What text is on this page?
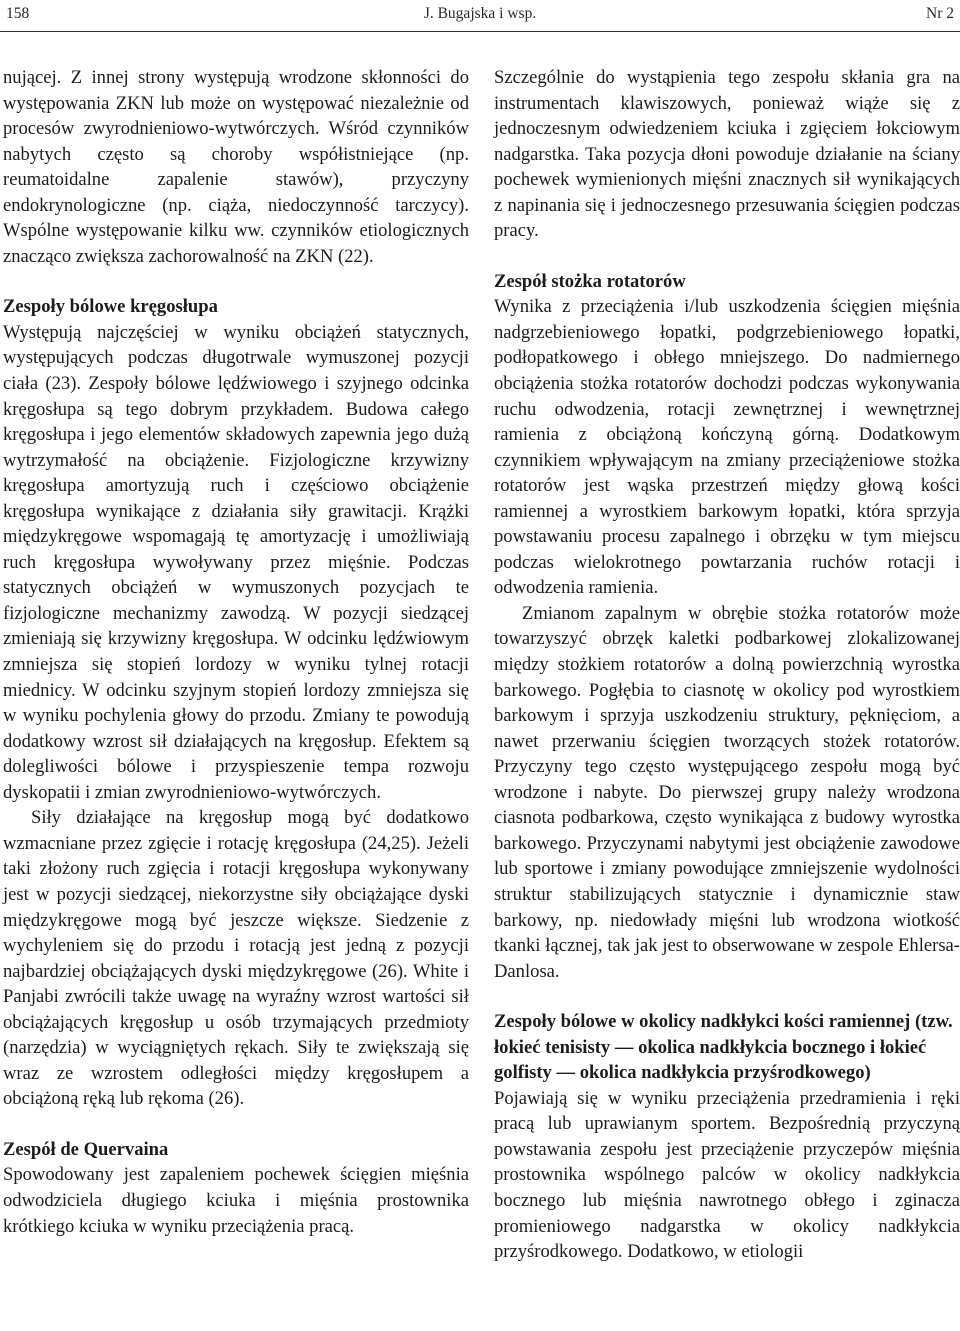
158	J. Bugajska i wsp.	Nr 2

nującej. Z innej strony występują wrodzone skłonności do występowania ZKN lub może on występować niezależnie od procesów zwyrodnieniowo-wytwórczych. Wśród czynników nabytych często są choroby współistniejące (np. reumatoidalne zapalenie stawów), przyczyny endokrynologiczne (np. ciąża, niedoczynność tarczycy). Wspólne występowanie kilku ww. czynników etiologicznych znacząco zwiększa zachorowalność na ZKN (22).

Zespoły bólowe kręgosłupa

Występują najczęściej w wyniku obciążeń statycznych, występujących podczas długotrwale wymuszonej pozycji ciała (23). Zespoły bólowe lędźwiowego i szyjnego odcinka kręgosłupa są tego dobrym przykładem. Budowa całego kręgosłupa i jego elementów składowych zapewnia jego dużą wytrzymałość na obciążenie. Fizjologiczne krzywizny kręgosłupa amortyzują ruch i częściowo obciążenie kręgosłupa wynikające z działania siły grawitacji. Krążki międzykręgowe wspomagają tę amortyzację i umożliwiają ruch kręgosłupa wywoływany przez mięśnie. Podczas statycznych obciążeń w wymuszonych pozycjach te fizjologiczne mechanizmy zawodzą. W pozycji siedzącej zmieniają się krzywizny kręgosłupa. W odcinku lędźwiowym zmniejsza się stopień lordozy w wyniku tylnej rotacji miednicy. W odcinku szyjnym stopień lordozy zmniejsza się w wyniku pochylenia głowy do przodu. Zmiany te powodują dodatkowy wzrost sił działających na kręgosłup. Efektem są dolegliwości bólowe i przyspieszenie tempa rozwoju dyskopatii i zmian zwyrodnieniowo-wytwórczych.

Siły działające na kręgosłup mogą być dodatkowo wzmacniane przez zgięcie i rotację kręgosłupa (24,25). Jeżeli taki złożony ruch zgięcia i rotacji kręgosłupa wykonywany jest w pozycji siedzącej, niekorzystne siły obciążające dyski międzykręgowe mogą być jeszcze większe. Siedzenie z wychyleniem się do przodu i rotacją jest jedną z pozycji najbardziej obciążających dyski międzykręgowe (26). White i Panjabi zwrócili także uwagę na wyraźny wzrost wartości sił obciążających kręgosłup u osób trzymających przedmioty (narzędzia) w wyciągniętych rękach. Siły te zwiększają się wraz ze wzrostem odległości między kręgosłupem a obciążoną ręką lub rękoma (26).

Zespół de Quervaina

Spowodowany jest zapaleniem pochewek ścięgien mięśnia odwodziciela długiego kciuka i mięśnia prostownika krótkiego kciuka w wyniku przeciążenia pracą.

Szczególnie do wystąpienia tego zespołu skłania gra na instrumentach klawiszowych, ponieważ wiąże się z jednoczesnym odwiedzeniem kciuka i zgięciem łokciowym nadgarstka. Taka pozycja dłoni powoduje działanie na ściany pochewek wymienionych mięśni znacznych sił wynikających z napinania się i jednoczesnego przesuwania ścięgien podczas pracy.

Zespół stożka rotatorów

Wynika z przeciążenia i/lub uszkodzenia ścięgien mięśnia nadgrzebieniowego łopatki, podgrzebieniowego łopatki, podłopatkowego i obłego mniejszego. Do nadmiernego obciążenia stożka rotatorów dochodzi podczas wykonywania ruchu odwodzenia, rotacji zewnętrznej i wewnętrznej ramienia z obciążoną kończyną górną. Dodatkowym czynnikiem wpływającym na zmiany przeciążeniowe stożka rotatorów jest wąska przestrzeń między głową kości ramiennej a wyrostkiem barkowym łopatki, która sprzyja powstawaniu procesu zapalnego i obrzęku w tym miejscu podczas wielokrotnego powtarzania ruchów rotacji i odwodzenia ramienia.

Zmianom zapalnym w obrębie stożka rotatorów może towarzyszyć obrzęk kaletki podbarkowej zlokalizowanej między stożkiem rotatorów a dolną powierzchnią wyrostka barkowego. Pogłębia to ciasnotę w okolicy pod wyrostkiem barkowym i sprzyja uszkodzeniu struktury, pęknięciom, a nawet przerwaniu ścięgien tworzących stożek rotatorów. Przyczyny tego często występującego zespołu mogą być wrodzone i nabyte. Do pierwszej grupy należy wrodzona ciasnota podbarkowa, często wynikająca z budowy wyrostka barkowego. Przyczynami nabytymi jest obciążenie zawodowe lub sportowe i zmiany powodujące zmniejszenie wydolności struktur stabilizujących statycznie i dynamicznie staw barkowy, np. niedowłady mięśni lub wrodzona wiotkość tkanki łącznej, tak jak jest to obserwowane w zespole Ehlersa-Danlosa.

Zespoły bólowe w okolicy nadkłykci kości ramiennej (tzw. łokieć tenisisty — okolica nadkłykcia bocznego i łokieć golfisty — okolica nadkłykcia przyśrodkowego)

Pojawiają się w wyniku przeciążenia przedramienia i ręki pracą lub uprawianym sportem. Bezpośrednią przyczyną powstawania zespołu jest przeciążenie przyczepów mięśnia prostownika wspólnego palców w okolicy nadkłykcia bocznego lub mięśnia nawrotnego obłego i zginacza promieniowego nadgarstka w okolicy nadkłykcia przyśrodkowego. Dodatkowo, w etiologii
